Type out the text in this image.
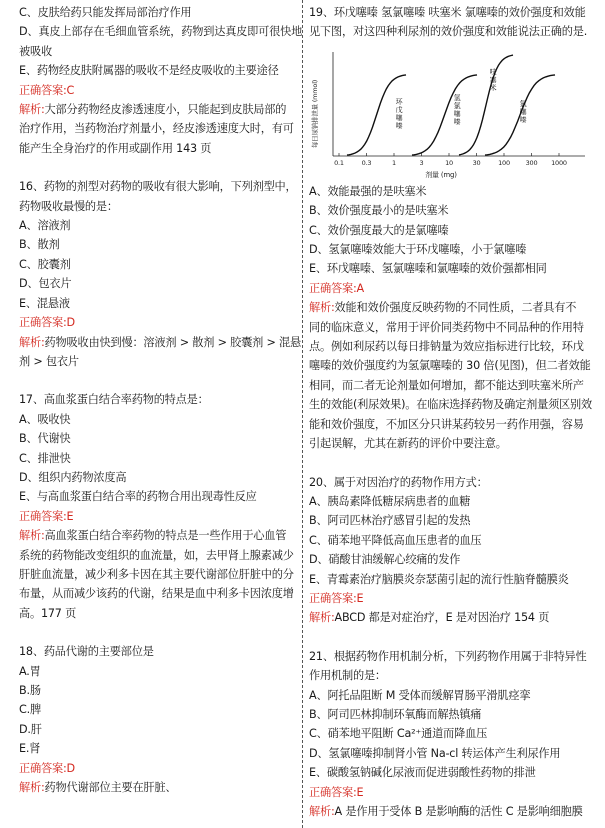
C、皮肤给药只能发挥局部治疗作用
D、真皮上部存在毛细血管系统，药物到达真皮即可很快地
被吸收
E、药物经皮肤附属器的吸收不是经皮吸收的主要途径
正确答案:C
解析:大部分药物经皮渗透速度小，只能起到皮肤局部的
治疗作用，当药物治疗剂量小，经皮渗透速度大时，有可
能产生全身治疗的作用或副作用 143 页
16、药物的剂型对药物的吸收有很大影响，下列剂型中，
药物吸收最慢的是：
A、溶液剂
B、散剂
C、胶囊剂
D、包衣片
E、混悬液
正确答案:D
解析:药物吸收由快到慢：溶液剂 > 散剂 > 胶囊剂 > 混悬
剂 > 包衣片
17、高血浆蛋白结合率药物的特点是：
A、吸收快
B、代谢快
C、排泄快
D、组织内药物浓度高
E、与高血浆蛋白结合率的药物合用出现毒性反应
正确答案:E
解析:高血浆蛋白结合率药物的特点是一些作用于心血管
系统的药物能改变组织的血流量，如，去甲肾上腺素减少
肝脏血流量，减少利多卡因在其主要代谢部位肝脏中的分
布量，从而减少该药的代谢，结果是血中利多卡因浓度增
高。177 页
18、药品代谢的主要部位是
A.胃
B.肠
C.脾
D.肝
E.肾
正确答案:D
解析:药物代谢部位主要在肝脏、
19、环戊噻嗪 氢氯噻嗪 呋塞米 氯噻嗪的效价强度和效能
见下图，对这四种利尿剂的效价强度和效能说法正确的是.
0.1	0.3	1	3	10	30	100 300 1000
环
戊
噻
嗪
氢
氯
噻
嗪
呋
塞
米
氯
噻
嗪
每日尿钠排泄量 (mmol)
剂量 (mg)
A、效能最强的是呋塞米
B、效价强度最小的是呋塞米
C、效价强度最大的是氯噻嗪
D、氢氯噻嗪效能大于环戊噻嗪，小于氯噻嗪
E、环戊噻嗪、氢氯噻嗪和氯噻嗪的效价强都相同
正确答案:A
解析:效能和效价强度反映药物的不同性质，二者具有不
同的临床意义，常用于评价同类药物中不同品种的作用特
点。例如利尿药以每日排钠量为效应指标进行比较，环戊
噻嗪的效价强度约为氢氯噻嗪的 30 倍(见图)，但二者效能
相同，而二者无论剂量如何增加，都不能达到呋塞米所产
生的效能(利尿效果)。在临床选择药物及确定剂量须区别效
能和效价强度，不加区分只讲某药较另一药作用强，容易
引起误解，尤其在新药的评价中要注意。
20、属于对因治疗的药物作用方式：
A、胰岛素降低糖尿病患者的血糖
B、阿司匹林治疗感冒引起的发热
C、硝苯地平降低高血压患者的血压
D、硝酸甘油缓解心绞痛的发作
E、青霉素治疗脑膜炎奈瑟菌引起的流行性脑脊髓膜炎
正确答案:E
解析:ABCD 都是对症治疗，E 是对因治疗 154 页
21、根据药物作用机制分析，下列药物作用属于非特异性
作用机制的是：
A、阿托品阻断 M 受体而缓解胃肠平滑肌痉挛
B、阿司匹林抑制环氧酶而解热镇痛
C、硝苯地平阻断 Ca²⁺通道而降血压
D、氢氯噻嗪抑制肾小管 Na-cl 转运体产生利尿作用
E、碳酸氢钠碱化尿液而促进弱酸性药物的排泄
正确答案:E
解析:A 是作用于受体 B 是影响酶的活性 C 是影响细胞膜
